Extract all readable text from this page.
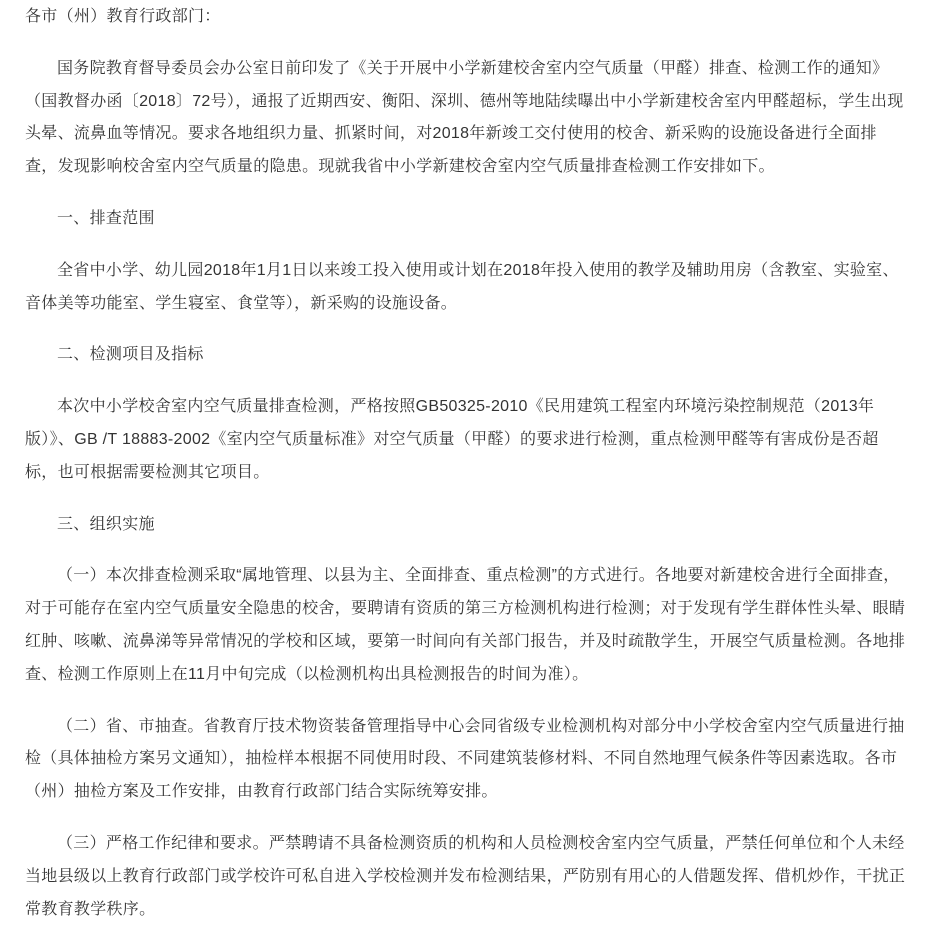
各市（州）教育行政部门：

国务院教育督导委员会办公室日前印发了《关于开展中小学新建校舍室内空气质量（甲醛）排查、检测工作的通知》（国教督办函〔2018〕72号），通报了近期西安、衡阳、深圳、德州等地陆续曝出中小学新建校舍室内甲醛超标，学生出现头晕、流鼻血等情况。要求各地组织力量、抓紧时间，对2018年新竣工交付使用的校舍、新采购的设施设备进行全面排查，发现影响校舍室内空气质量的隐患。现就我省中小学新建校舍室内空气质量排查检测工作安排如下。

一、排查范围

全省中小学、幼儿园2018年1月1日以来竣工投入使用或计划在2018年投入使用的教学及辅助用房（含教室、实验室、音体美等功能室、学生寝室、食堂等），新采购的设施设备。

二、检测项目及指标

本次中小学校舍室内空气质量排查检测，严格按照GB50325-2010《民用建筑工程室内环境污染控制规范（2013年版）》、GB /T 18883-2002《室内空气质量标准》对空气质量（甲醛）的要求进行检测，重点检测甲醛等有害成份是否超标，也可根据需要检测其它项目。

三、组织实施

（一）本次排查检测采取“属地管理、以县为主、全面排查、重点检测”的方式进行。各地要对新建校舍进行全面排查，对于可能存在室内空气质量安全隐患的校舍，要聘请有资质的第三方检测机构进行检测；对于发现有学生群体性头晕、眼睛红肿、咳嗽、流鼻涕等异常情况的学校和区域，要第一时间向有关部门报告，并及时疏散学生，开展空气质量检测。各地排查、检测工作原则上在11月中旬完成（以检测机构出具检测报告的时间为准）。

（二）省、市抽查。省教育厅技术物资装备管理指导中心会同省级专业检测机构对部分中小学校舍室内空气质量进行抽检（具体抽检方案另文通知），抽检样本根据不同使用时段、不同建筑装修材料、不同自然地理气候条件等因素选取。各市（州）抽检方案及工作安排，由教育行政部门结合实际统筹安排。

（三）严格工作纪律和要求。严禁聘请不具备检测资质的机构和人员检测校舍室内空气质量，严禁任何单位和个人未经当地县级以上教育行政部门或学校许可私自进入学校检测并发布检测结果，严防别有用心的人借题发挥、借机炒作，干扰正常教育教学秩序。
